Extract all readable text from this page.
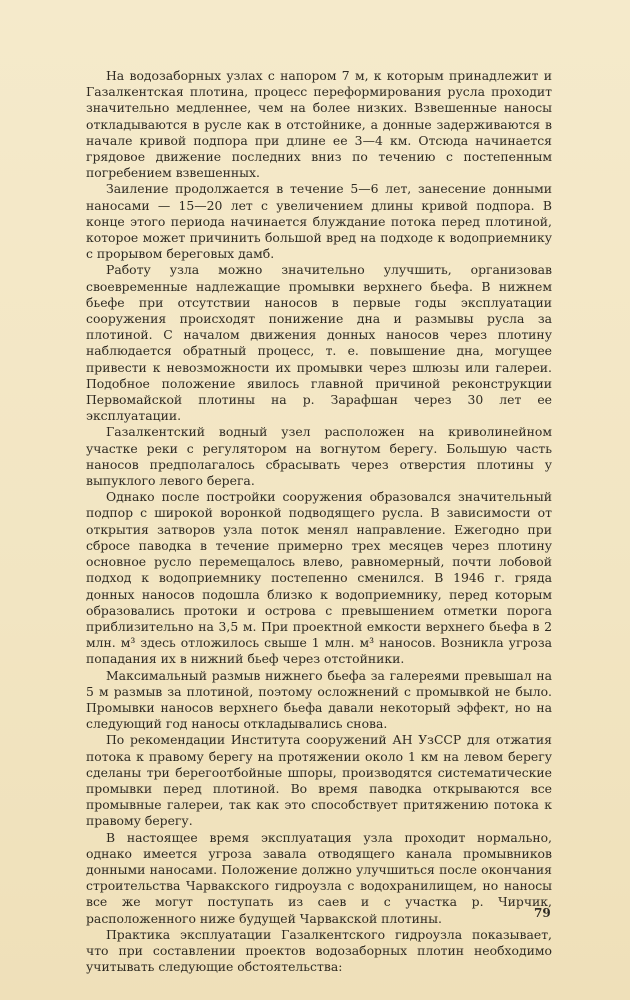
На водозаборных узлах с напором 7 м, к которым принадлежит и Газалкентская плотина, процесс переформирования русла проходит значительно медленнее, чем на более низких. Взвешенные наносы откладываются в русле как в отстойнике, а донные задерживаются в начале кривой подпора при длине ее 3—4 км. Отсюда начинается грядовое движение последних вниз по течению с постепенным погребением взвешенных.

Заиление продолжается в течение 5—6 лет, занесение донными наносами — 15—20 лет с увеличением длины кривой подпора. В конце этого периода начинается блуждание потока перед плотиной, которое может причинить большой вред на подходе к водоприемнику с прорывом береговых дамб.

Работу узла можно значительно улучшить, организовав своевременные надлежащие промывки верхнего бьефа. В нижнем бьефе при отсутствии наносов в первые годы эксплуатации сооружения происходят понижение дна и размывы русла за плотиной. С началом движения донных наносов через плотину наблюдается обратный процесс, т. е. повышение дна, могущее привести к невозможности их промывки через шлюзы или галереи. Подобное положение явилось главной причиной реконструкции Первомайской плотины на р. Зарафшан через 30 лет ее эксплуатации.

Газалкентский водный узел расположен на криволинейном участке реки с регулятором на вогнутом берегу. Большую часть наносов предполагалось сбрасывать через отверстия плотины у выпуклого левого берега.

Однако после постройки сооружения образовался значительный подпор с широкой воронкой подводящего русла. В зависимости от открытия затворов узла поток менял направление. Ежегодно при сбросе паводка в течение примерно трех месяцев через плотину основное русло перемещалось влево, равномерный, почти лобовой подход к водоприемнику постепенно сменился. В 1946 г. гряда донных наносов подошла близко к водоприемнику, перед которым образовались протоки и острова с превышением отметки порога приблизительно на 3,5 м. При проектной емкости верхнего бьефа в 2 млн. м³ здесь отложилось свыше 1 млн. м³ наносов. Возникла угроза попадания их в нижний бьеф через отстойники.

Максимальный размыв нижнего бьефа за галереями превышал на 5 м размыв за плотиной, поэтому осложнений с промывкой не было. Промывки наносов верхнего бьефа давали некоторый эффект, но на следующий год наносы откладывались снова.

По рекомендации Института сооружений АН УзССР для отжатия потока к правому берегу на протяжении около 1 км на левом берегу сделаны три берегоотбойные шпоры, производятся систематические промывки перед плотиной. Во время паводка открываются все промывные галереи, так как это способствует притяжению потока к правому берегу.

В настоящее время эксплуатация узла проходит нормально, однако имеется угроза завала отводящего канала промывников донными наносами. Положение должно улучшиться после окончания строительства Чарвакского гидроузла с водохранилищем, но наносы все же могут поступать из саев и с участка р. Чирчик, расположенного ниже будущей Чарвакской плотины.

Практика эксплуатации Газалкентского гидроузла показывает, что при составлении проектов водозаборных плотин необходимо учитывать следующие обстоятельства:

79
